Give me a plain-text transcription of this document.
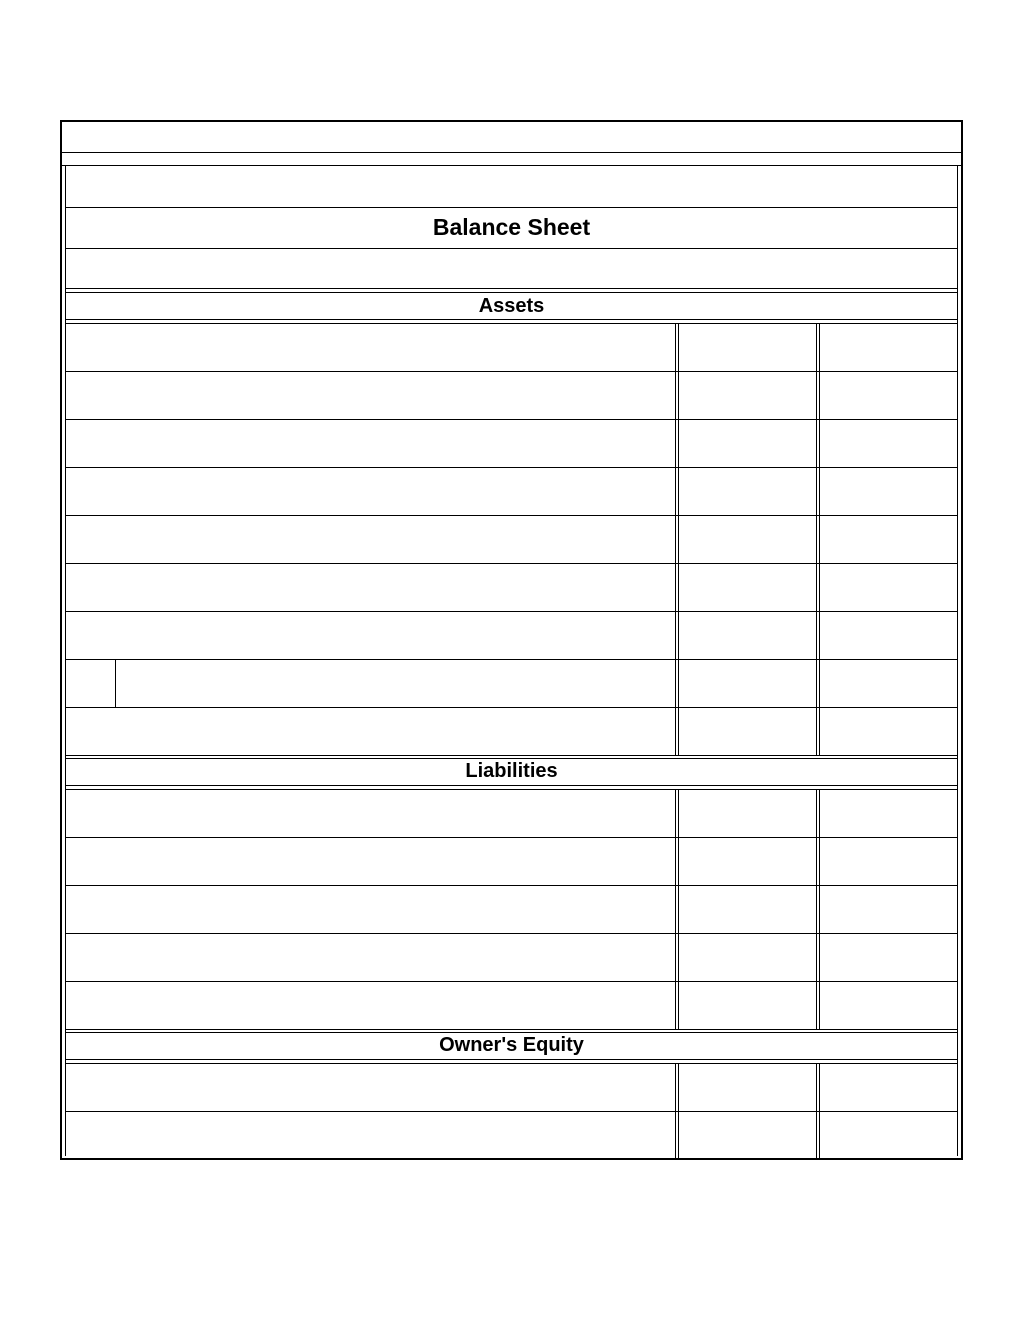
Balance Sheet
Assets
Liabilities
Owner's Equity
